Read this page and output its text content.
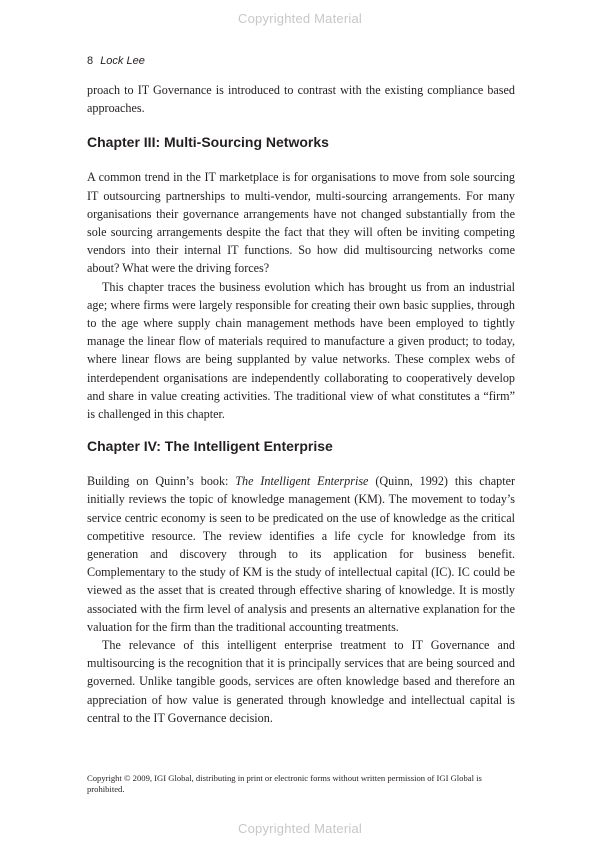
Copyrighted Material
8 Lock Lee

proach to IT Governance is introduced to contrast with the existing compliance based approaches.

Chapter III: Multi-Sourcing Networks

A common trend in the IT marketplace is for organisations to move from sole sourcing IT outsourcing partnerships to multi-vendor, multi-sourcing arrangements. For many organisations their governance arrangements have not changed substantially from the sole sourcing arrangements despite the fact that they will often be inviting competing vendors into their internal IT functions. So how did multisourcing networks come about? What were the driving forces?

This chapter traces the business evolution which has brought us from an industrial age; where firms were largely responsible for creating their own basic supplies, through to the age where supply chain management methods have been employed to tightly manage the linear flow of materials required to manufacture a given product; to today, where linear flows are being supplanted by value networks. These complex webs of interdependent organisations are independently collaborating to cooperatively develop and share in value creating activities. The traditional view of what constitutes a “firm” is challenged in this chapter.

Chapter IV: The Intelligent Enterprise

Building on Quinn’s book: The Intelligent Enterprise (Quinn, 1992) this chapter initially reviews the topic of knowledge management (KM). The movement to today’s service centric economy is seen to be predicated on the use of knowledge as the critical competitive resource. The review identifies a life cycle for knowledge from its generation and discovery through to its application for business benefit. Complementary to the study of KM is the study of intellectual capital (IC). IC could be viewed as the asset that is created through effective sharing of knowledge. It is mostly associated with the firm level of analysis and presents an alternative explanation for the valuation for the firm than the traditional accounting treatments.

The relevance of this intelligent enterprise treatment to IT Governance and multisourcing is the recognition that it is principally services that are being sourced and governed. Unlike tangible goods, services are often knowledge based and therefore an appreciation of how value is generated through knowledge and intellectual capital is central to the IT Governance decision.

Copyright © 2009, IGI Global, distributing in print or electronic forms without written permission of IGI Global is prohibited.
Copyrighted Material
